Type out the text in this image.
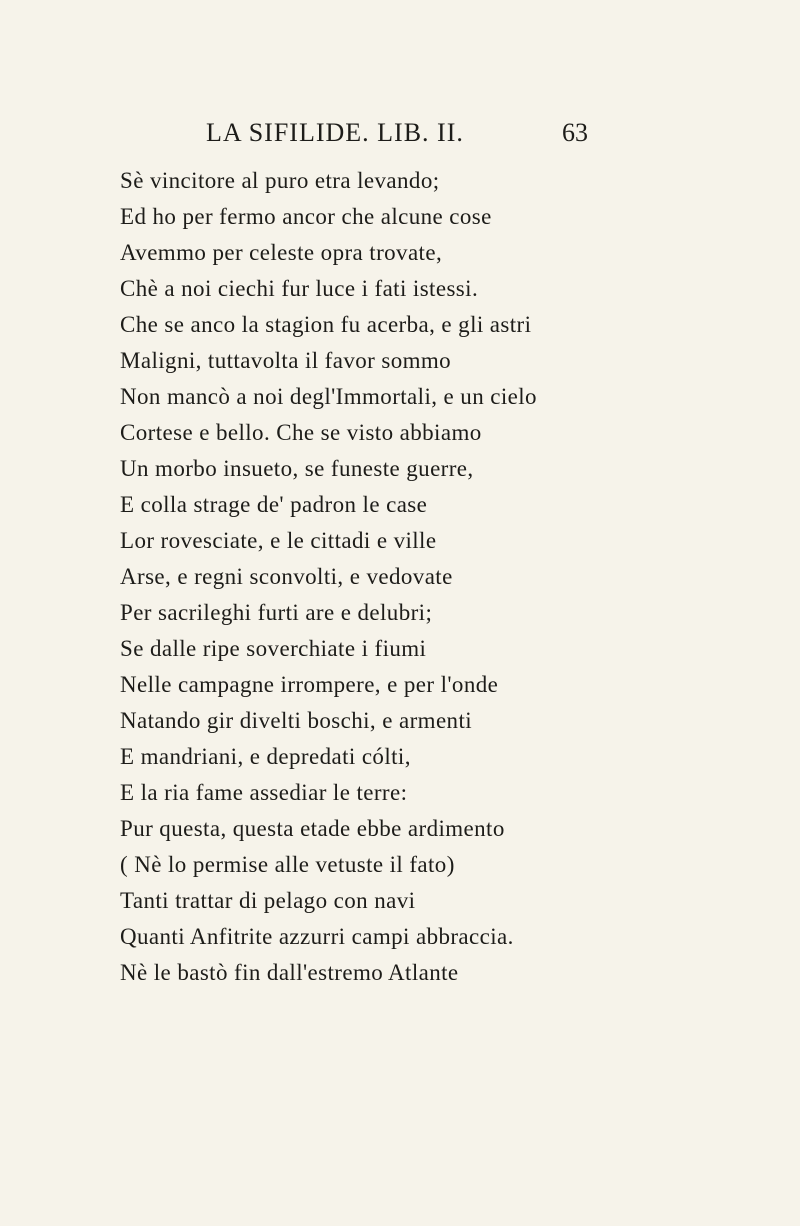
LA SIFILIDE. LIB. II.	63
Sè vincitore al puro etra levando;
Ed ho per fermo ancor che alcune cose
Avemmo per celeste opra trovate,
Chè a noi ciechi fur luce i fati istessi.
Che se anco la stagion fu acerba, e gli astri
Maligni, tuttavolta il favor sommo
Non mancò a noi degl'Immortali, e un cielo
Cortese e bello. Che se visto abbiamo
Un morbo insueto, se funeste guerre,
E colla strage de' padron le case
Lor rovesciate, e le cittadi e ville
Arse, e regni sconvolti, e vedovate
Per sacrileghi furti are e delubri;
Se dalle ripe soverchiate i fiumi
Nelle campagne irrompere, e per l'onde
Natando gir divelti boschi, e armenti
E mandriani, e depredati cólti,
E la ria fame assediar le terre:
Pur questa, questa etade ebbe ardimento
( Nè lo permise alle vetuste il fato)
Tanti trattar di pelago con navi
Quanti Anfitrite azzurri campi abbraccia.
Nè le bastò fin dall'estremo Atlante
